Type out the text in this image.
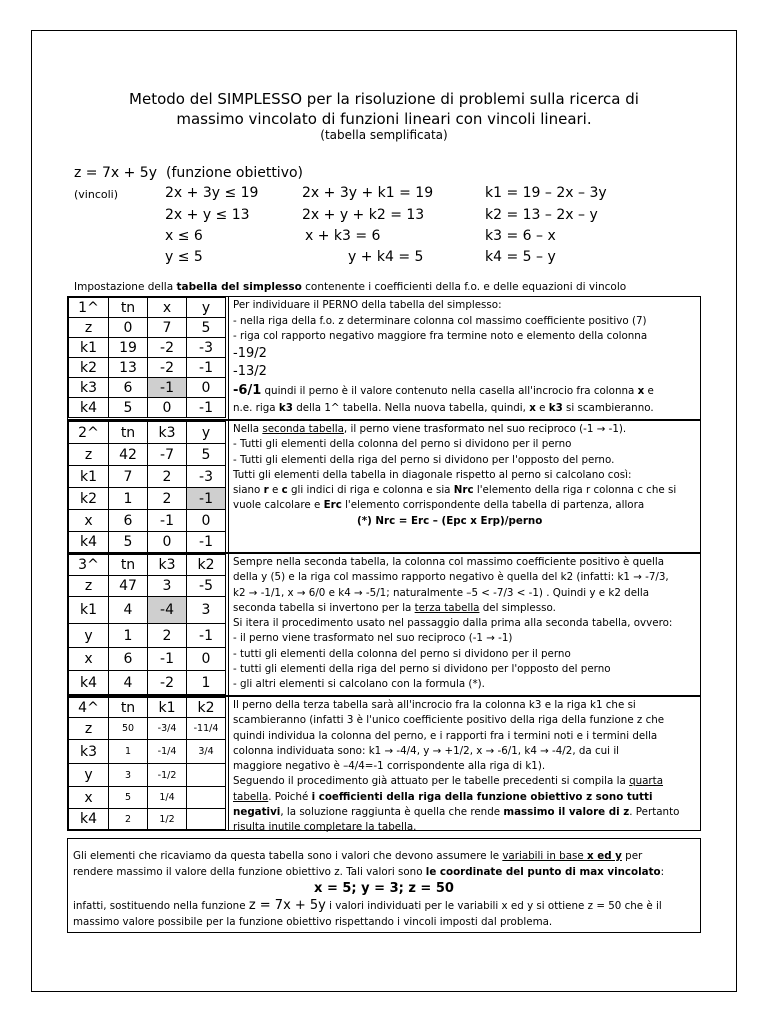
Metodo del SIMPLESSO per la risoluzione di problemi sulla ricerca di
massimo vincolato di funzioni lineari con vincoli lineari.
(tabella semplificata)
z = 7x + 5y (funzione obiettivo)
(vincoli)	2x + 3y ≤ 19	2x + 3y + k1 = 19	k1 = 19 – 2x – 3y
2x + y ≤ 13	2x + y + k2 = 13	k2 = 13 – 2x – y
x ≤ 6	x + k3 = 6	k3 = 6 – x
y ≤ 5	y + k4 = 5	k4 = 5 – y
Impostazione della tabella del simplesso contenente i coefficienti della f.o. e delle equazioni di vincolo
1^	tn	x	y
z	0	7	5
k1	19	-2	-3
k2	13	-2	-1
k3	6	-1	0
k4	5	0	-1
Per individuare il PERNO della tabella del simplesso:
- nella riga della f.o. z determinare colonna col massimo coefficiente positivo (7)
- riga col rapporto negativo maggiore fra termine noto e elemento della colonna
-19/2
-13/2
-6/1 quindi il perno è il valore contenuto nella casella all'incrocio fra colonna x e
n.e. riga k3 della 1^ tabella. Nella nuova tabella, quindi, x e k3 si scambieranno.
2^	tn	k3	y
z	42	-7	5
k1	7	2	-3
k2	1	2	-1
x	6	-1	0
k4	5	0	-1
Nella seconda tabella, il perno viene trasformato nel suo reciproco (-1 → -1).
- Tutti gli elementi della colonna del perno si dividono per il perno
- Tutti gli elementi della riga del perno si dividono per l'opposto del perno.
Tutti gli elementi della tabella in diagonale rispetto al perno si calcolano così:
siano r e c gli indici di riga e colonna e sia Nrc l'elemento della riga r colonna c che si
vuole calcolare e Erc l'elemento corrispondente della tabella di partenza, allora
(*) Nrc = Erc – (Epc x Erp)/perno
3^	tn	k3	k2
z	47	3	-5
k1	4	-4	3
y	1	2	-1
x	6	-1	0
k4	4	-2	1
Sempre nella seconda tabella, la colonna col massimo coefficiente positivo è quella
della y (5) e la riga col massimo rapporto negativo è quella del k2 (infatti: k1 → -7/3,
k2 → -1/1, x → 6/0 e k4 → -5/1; naturalmente –5 < -7/3 < -1) . Quindi y e k2 della
seconda tabella si invertono per la terza tabella del simplesso.
Si itera il procedimento usato nel passaggio dalla prima alla seconda tabella, ovvero:
- il perno viene trasformato nel suo reciproco (-1 → -1)
- tutti gli elementi della colonna del perno si dividono per il perno
- tutti gli elementi della riga del perno si dividono per l'opposto del perno
- gli altri elementi si calcolano con la formula (*).
4^	tn	k1	k2
z	50	-3/4	-11/4
k3	1	-1/4	3/4
y	3	-1/2	
x	5	1/4	
k4	2	1/2	
Il perno della terza tabella sarà all'incrocio fra la colonna k3 e la riga k1 che si
scambieranno (infatti 3 è l'unico coefficiente positivo della riga della funzione z che
quindi individua la colonna del perno, e i rapporti fra i termini noti e i termini della
colonna individuata sono: k1 → -4/4, y → +1/2, x → -6/1, k4 → -4/2, da cui il
maggiore negativo è –4/4=-1 corrispondente alla riga di k1).
Seguendo il procedimento già attuato per le tabelle precedenti si compila la quarta
tabella. Poiché i coefficienti della riga della funzione obiettivo z sono tutti
negativi, la soluzione raggiunta è quella che rende massimo il valore di z. Pertanto
risulta inutile completare la tabella.
Gli elementi che ricaviamo da questa tabella sono i valori che devono assumere le variabili in base x ed y per
rendere massimo il valore della funzione obiettivo z. Tali valori sono le coordinate del punto di max vincolato:
x = 5; y = 3; z = 50
infatti, sostituendo nella funzione z = 7x + 5y i valori individuati per le variabili x ed y si ottiene z = 50 che è il
massimo valore possibile per la funzione obiettivo rispettando i vincoli imposti dal problema.
